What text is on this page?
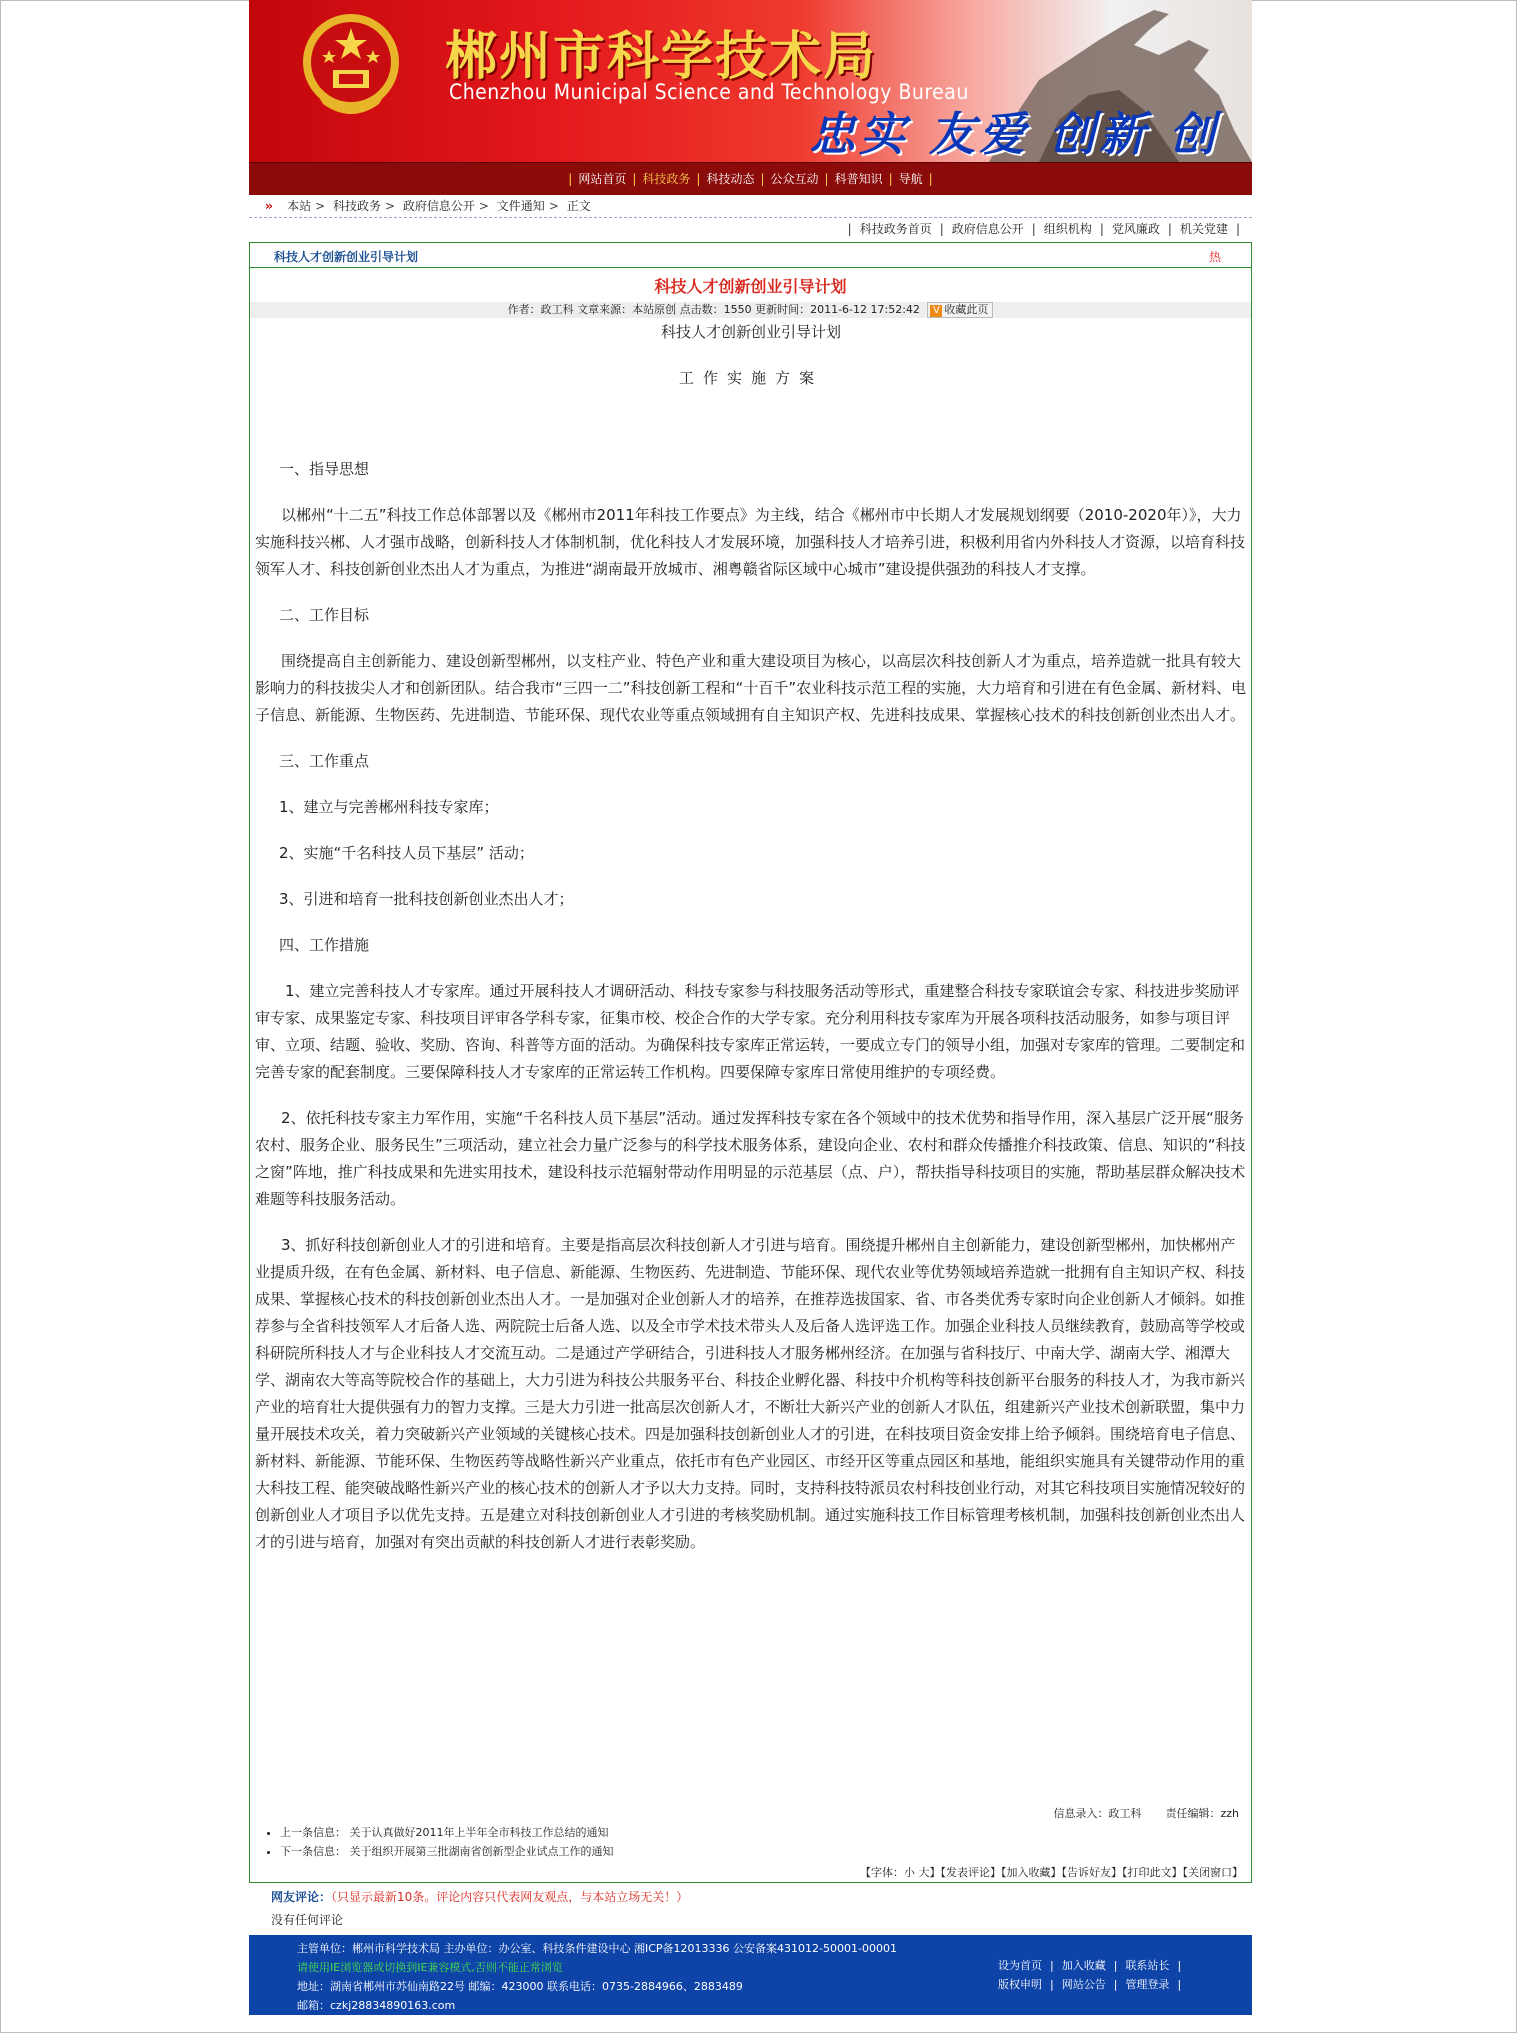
郴州市科学技术局
Chenzhou Municipal Science and Technology Bureau
忠实 友爱 创新 创
| 网站首页 | 科技政务 | 科技动态 | 公众互动 | 科普知识 | 导航 |
›› 本站 > 科技政务 > 政府信息公开 > 文件通知 > 正文
| 科技政务首页 | 政府信息公开 | 组织机构 | 党风廉政 | 机关党建 |
科技人才创新创业引导计划	热
科技人才创新创业引导计划
作者：政工科 文章来源：本站原创 点击数：1550 更新时间：2011-6-12 17:52:42 V 收藏此页

科技人才创新创业引导计划

工作实施方案

一、指导思想

以郴州“十二五”科技工作总体部署以及《郴州市2011年科技工作要点》为主线，结合《郴州市中长期人才发展规划纲要（2010-2020年）》，大力实施科技兴郴、人才强市战略，创新科技人才体制机制，优化科技人才发展环境，加强科技人才培养引进，积极利用省内外科技人才资源，以培育科技领军人才、科技创新创业杰出人才为重点，为推进“湖南最开放城市、湘粤赣省际区域中心城市”建设提供强劲的科技人才支撑。

二、工作目标

围绕提高自主创新能力、建设创新型郴州，以支柱产业、特色产业和重大建设项目为核心，以高层次科技创新人才为重点，培养造就一批具有较大影响力的科技拔尖人才和创新团队。结合我市“三四一二”科技创新工程和“十百千”农业科技示范工程的实施，大力培育和引进在有色金属、新材料、电子信息、新能源、生物医药、先进制造、节能环保、现代农业等重点领域拥有自主知识产权、先进科技成果、掌握核心技术的科技创新创业杰出人才。

三、工作重点

1、建立与完善郴州科技专家库；

2、实施“千名科技人员下基层” 活动；

3、引进和培育一批科技创新创业杰出人才；

四、工作措施

1、建立完善科技人才专家库。通过开展科技人才调研活动、科技专家参与科技服务活动等形式，重建整合科技专家联谊会专家、科技进步奖励评审专家、成果鉴定专家、科技项目评审各学科专家，征集市校、校企合作的大学专家。充分利用科技专家库为开展各项科技活动服务，如参与项目评审、立项、结题、验收、奖励、咨询、科普等方面的活动。为确保科技专家库正常运转，一要成立专门的领导小组，加强对专家库的管理。二要制定和完善专家的配套制度。三要保障科技人才专家库的正常运转工作机构。四要保障专家库日常使用维护的专项经费。

2、依托科技专家主力军作用，实施“千名科技人员下基层”活动。通过发挥科技专家在各个领域中的技术优势和指导作用，深入基层广泛开展“服务农村、服务企业、服务民生”三项活动，建立社会力量广泛参与的科学技术服务体系，建设向企业、农村和群众传播推介科技政策、信息、知识的“科技之窗”阵地，推广科技成果和先进实用技术，建设科技示范辐射带动作用明显的示范基层（点、户），帮扶指导科技项目的实施，帮助基层群众解决技术难题等科技服务活动。

3、抓好科技创新创业人才的引进和培育。主要是指高层次科技创新人才引进与培育。围绕提升郴州自主创新能力，建设创新型郴州，加快郴州产业提质升级，在有色金属、新材料、电子信息、新能源、生物医药、先进制造、节能环保、现代农业等优势领域培养造就一批拥有自主知识产权、科技成果、掌握核心技术的科技创新创业杰出人才。一是加强对企业创新人才的培养，在推荐选拔国家、省、市各类优秀专家时向企业创新人才倾斜。如推荐参与全省科技领军人才后备人选、两院院士后备人选、以及全市学术技术带头人及后备人选评选工作。加强企业科技人员继续教育，鼓励高等学校或科研院所科技人才与企业科技人才交流互动。二是通过产学研结合，引进科技人才服务郴州经济。在加强与省科技厅、中南大学、湖南大学、湘潭大学、湖南农大等高等院校合作的基础上，大力引进为科技公共服务平台、科技企业孵化器、科技中介机构等科技创新平台服务的科技人才，为我市新兴产业的培育壮大提供强有力的智力支撑。三是大力引进一批高层次创新人才，不断壮大新兴产业的创新人才队伍，组建新兴产业技术创新联盟，集中力量开展技术攻关，着力突破新兴产业领域的关键核心技术。四是加强科技创新创业人才的引进，在科技项目资金安排上给予倾斜。围绕培育电子信息、新材料、新能源、节能环保、生物医药等战略性新兴产业重点，依托市有色产业园区、市经开区等重点园区和基地，能组织实施具有关键带动作用的重大科技工程、能突破战略性新兴产业的核心技术的创新人才予以大力支持。同时，支持科技特派员农村科技创业行动，对其它科技项目实施情况较好的创新创业人才项目予以优先支持。五是建立对科技创新创业人才引进的考核奖励机制。通过实施科技工作目标管理考核机制，加强科技创新创业杰出人才的引进与培育，加强对有突出贡献的科技创新人才进行表彰奖励。

信息录入：政工科 责任编辑：zzh
• 上一条信息： 关于认真做好2011年上半年全市科技工作总结的通知
• 下一条信息： 关于组织开展第三批湖南省创新型企业试点工作的通知
【字体：小 大】【发表评论】【加入收藏】【告诉好友】【打印此文】【关闭窗口】
网友评论：（只显示最新10条。评论内容只代表网友观点，与本站立场无关！）
没有任何评论
主管单位：郴州市科学技术局 主办单位：办公室、科技条件建设中心 湘ICP备12013336 公安备案431012-50001-00001
请使用IE浏览器或切换到IE兼容模式,否则不能正常浏览
地址：湖南省郴州市苏仙南路22号 邮编：423000 联系电话：0735-2884966、2883489
邮箱：czkj28834890163.com
设为首页 | 加入收藏 | 联系站长 |
版权申明 | 网站公告 | 管理登录 |
